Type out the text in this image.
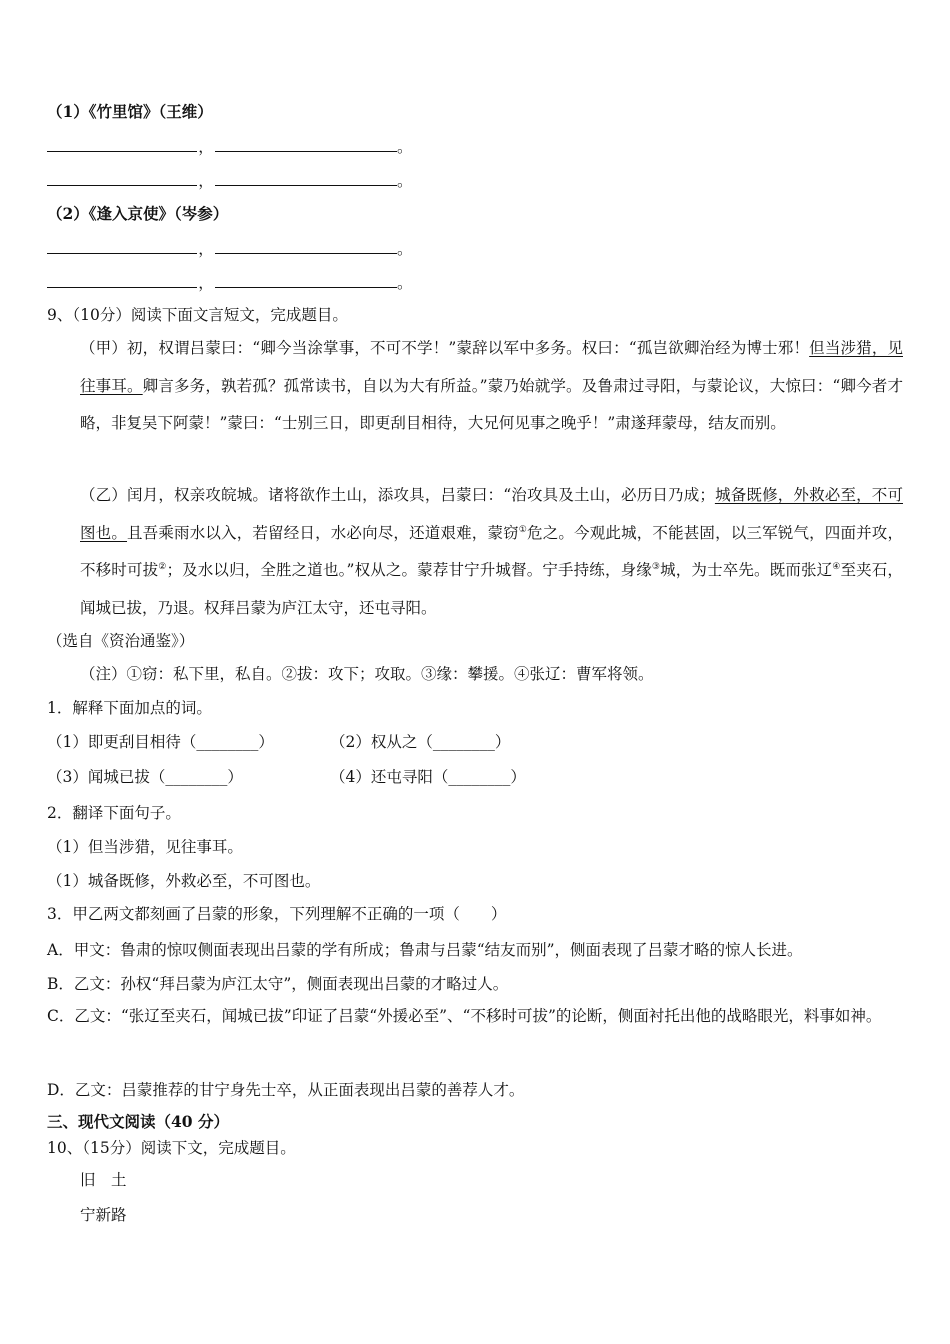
（1）《竹里馆》（王维）
，	。
，	。
（2）《逢入京使》（岑参）
，	。
，	。
9、（10分）阅读下面文言短文，完成题目。
（甲）初，权谓吕蒙曰：“卿今当涂掌事，不可不学！”蒙辞以军中多务。权曰：“孤岂欲卿治经为博士邪！但当涉猎，见往事耳。卿言多务，孰若孤？孤常读书，自以为大有所益。”蒙乃始就学。及鲁肃过寻阳，与蒙论议，大惊曰：“卿今者才略，非复吴下阿蒙！”蒙曰：“士别三日，即更刮目相待，大兄何见事之晚乎！”肃遂拜蒙母，结友而别。
（乙）闰月，权亲攻皖城。诸将欲作土山，添攻具，吕蒙曰：“治攻具及土山，必历日乃成；城备既修，外救必至，不可图也。且吾乘雨水以入，若留经日，水必向尽，还道艰难，蒙窃①危之。今观此城，不能甚固，以三军锐气，四面并攻，不移时可拔②；及水以归，全胜之道也。”权从之。蒙荐甘宁升城督。宁手持练，身缘③城，为士卒先。既而张辽④至夹石，闻城已拔，乃退。权拜吕蒙为庐江太守，还屯寻阳。
（选自《资治通鉴》）
（注）①窃：私下里，私自。②拔：攻下；攻取。③缘：攀援。④张辽：曹军将领。
1．解释下面加点的词。
（1）即更刮目相待（________）	（2）权从之（________）
（3）闻城已拔（________）	（4）还屯寻阳（________）
2．翻译下面句子。
（1）但当涉猎，见往事耳。
（1）城备既修，外救必至，不可图也。
3．甲乙两文都刻画了吕蒙的形象，下列理解不正确的一项（　　）
A．甲文：鲁肃的惊叹侧面表现出吕蒙的学有所成；鲁肃与吕蒙“结友而别”，侧面表现了吕蒙才略的惊人长进。
B．乙文：孙权“拜吕蒙为庐江太守”，侧面表现出吕蒙的才略过人。
C．乙文：“张辽至夹石，闻城已拔”印证了吕蒙“外援必至”、“不移时可拔”的论断，侧面衬托出他的战略眼光，料事如神。
D．乙文：吕蒙推荐的甘宁身先士卒，从正面表现出吕蒙的善荐人才。
三、现代文阅读（40 分）
10、（15分）阅读下文，完成题目。
旧　土
宁新路
